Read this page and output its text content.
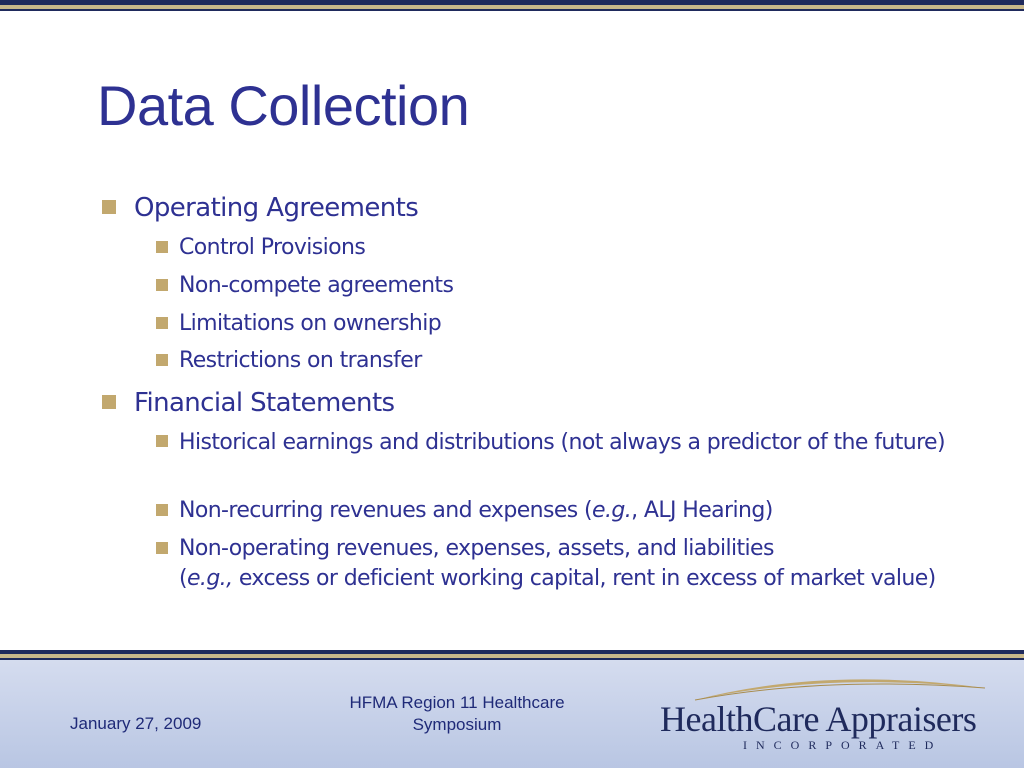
Data Collection
Operating Agreements
Control Provisions
Non-compete agreements
Limitations on ownership
Restrictions on transfer
Financial Statements
Historical earnings and distributions (not always a predictor of the future)
Non-recurring revenues and expenses (e.g., ALJ Hearing)
Non-operating revenues, expenses, assets, and liabilities
(e.g., excess or deficient working capital, rent in excess of market value)
January 27, 2009
HFMA Region 11 Healthcare Symposium	HealthCare Appraisers
INCORPORATED
